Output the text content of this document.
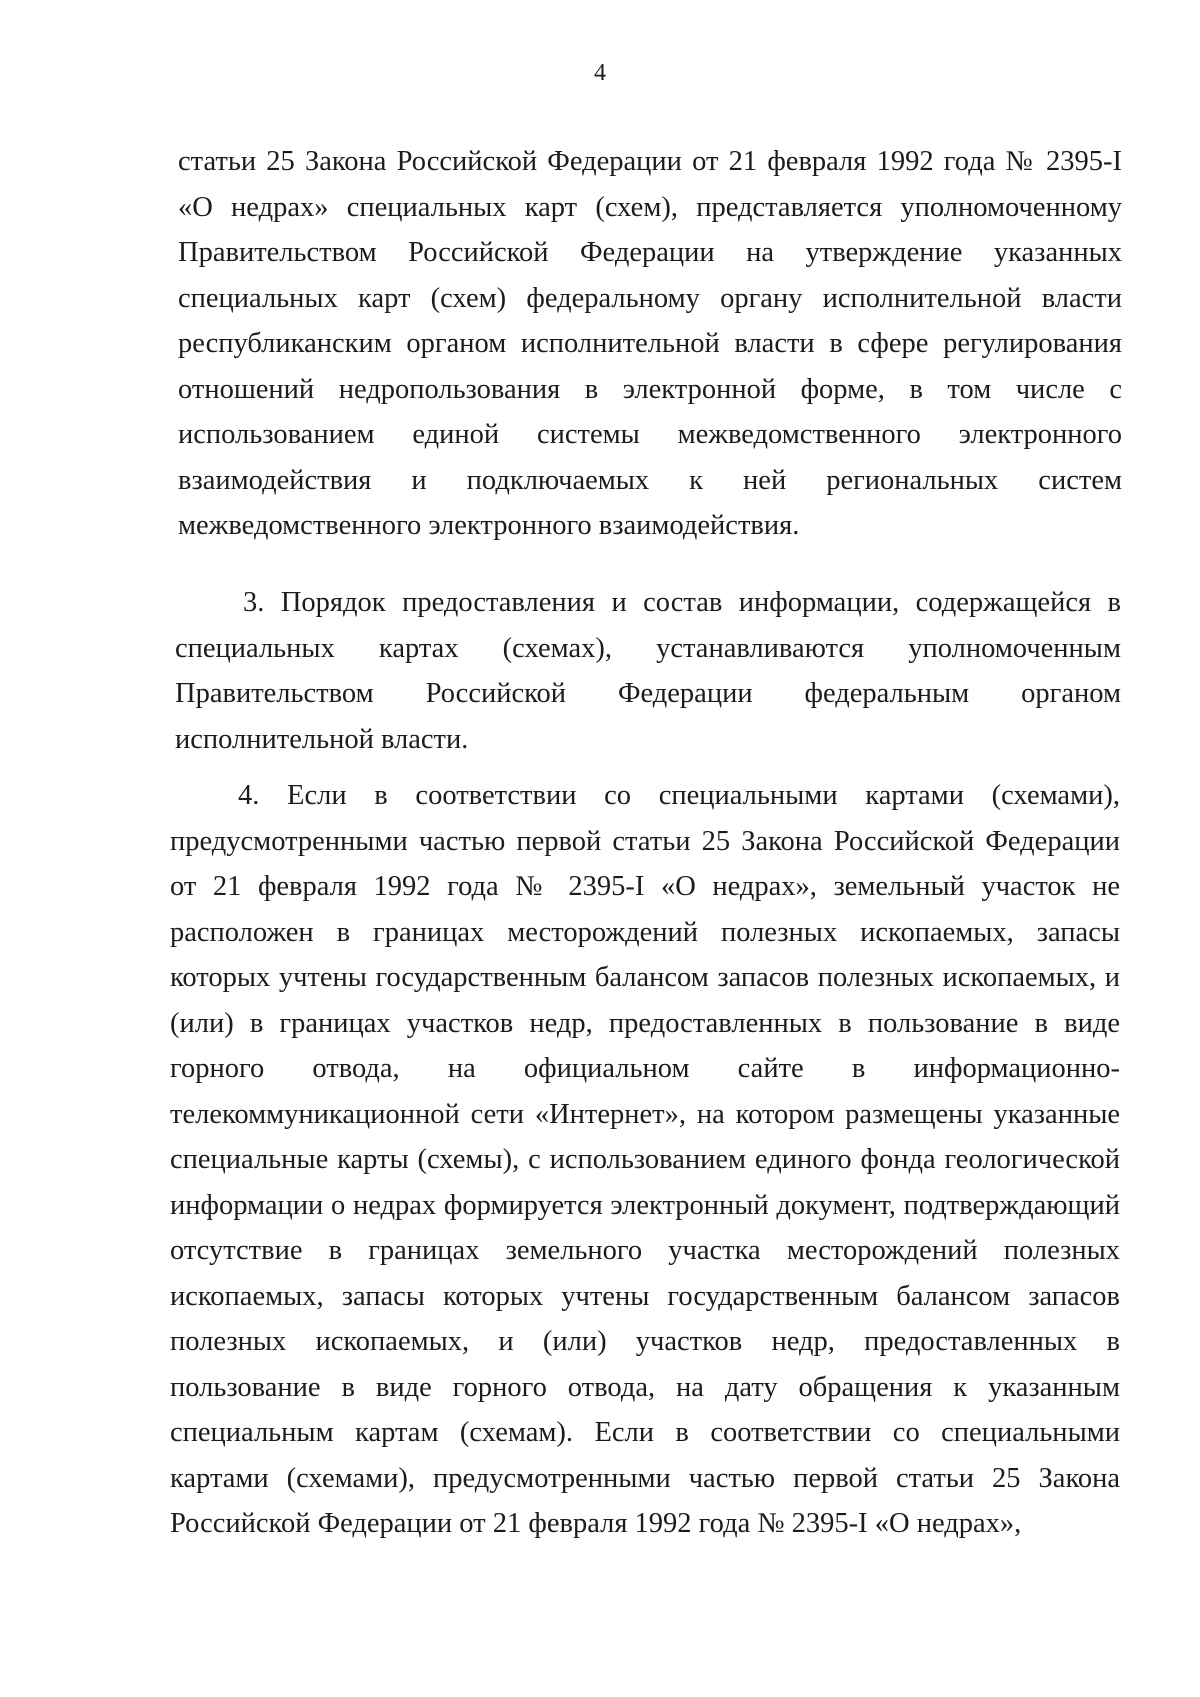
4

статьи 25 Закона Российской Федерации от 21 февраля 1992 года № 2395-I «О недрах» специальных карт (схем), представляется уполномоченному Правительством Российской Федерации на утверждение указанных специальных карт (схем) федеральному органу исполнительной власти республиканским органом исполнительной власти в сфере регулирования отношений недропользования в электронной форме, в том числе с использованием единой системы межведомственного электронного взаимодействия и подключаемых к ней региональных систем межведомственного электронного взаимодействия.

3. Порядок предоставления и состав информации, содержащейся в специальных картах (схемах), устанавливаются уполномоченным Правительством Российской Федерации федеральным органом исполнительной власти.

4. Если в соответствии со специальными картами (схемами), предусмотренными частью первой статьи 25 Закона Российской Федерации от 21 февраля 1992 года № 2395-I «О недрах», земельный участок не расположен в границах месторождений полезных ископаемых, запасы которых учтены государственным балансом запасов полезных ископаемых, и (или) в границах участков недр, предоставленных в пользование в виде горного отвода, на официальном сайте в информационно-телекоммуникационной сети «Интернет», на котором размещены указанные специальные карты (схемы), с использованием единого фонда геологической информации о недрах формируется электронный документ, подтверждающий отсутствие в границах земельного участка месторождений полезных ископаемых, запасы которых учтены государственным балансом запасов полезных ископаемых, и (или) участков недр, предоставленных в пользование в виде горного отвода, на дату обращения к указанным специальным картам (схемам). Если в соответствии со специальными картами (схемами), предусмотренными частью первой статьи 25 Закона Российской Федерации от 21 февраля 1992 года № 2395-I «О недрах»,
